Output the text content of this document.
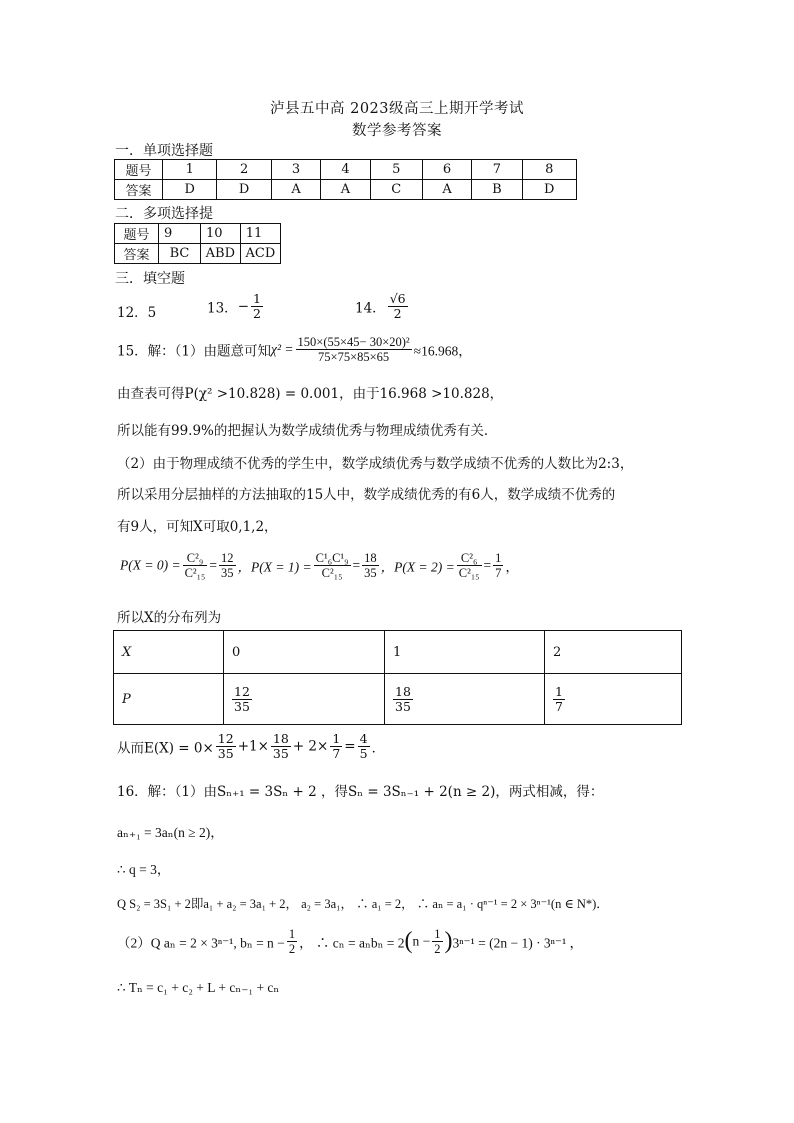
泸县五中高 2023级高三上期开学考试
数学参考答案
一．单项选择题
题号	1	2	3	4	5	6	7	8
答案	D	D	A	A	C	A	B	D
二．多项选择提
题号	9	10	11
答案	BC	ABD	ACD
三．填空题
12．5	13．− $\frac{1}{2}$	14． $\frac{√6}{2}$
15．解：（1）由题意可知$\chi^2 = \frac{\text{150×(55×45− 30×20)²}}{75\times 75\times 85\times 65} \approx 16.968$，
由查表可得P(χ² >10.828) = 0.001，由于16.968 >10.828，
所以能有99.9%的把握认为数学成绩优秀与物理成绩优秀有关．
（2）由于物理成绩不优秀的学生中，数学成绩优秀与数学成绩不优秀的人数比为2:3，
所以采用分层抽样的方法抽取的15人中，数学成绩优秀的有6人，数学成绩不优秀的
有9人，可知X可取0,1,2，
$P(X = 0) = \frac{\text{C²₉}}{\text{C²₁₅}} = \frac{12}{35}$ ，$P(X = 1) = \frac{\text{C¹₆C¹₉}}{\text{C²₁₅}} = \frac{18}{35}$ ，$P(X = 2) = \frac{\text{C²₆}}{\text{C²₁₅}} = \frac{1}{7}$ ，
所以X的分布列为
X	0	1	2
P	$\frac{12}{35}$	$\frac{18}{35}$	$\frac{1}{7}$
从而$E(X) = 0\times \frac{12}{35} +1\times \frac{18}{35} + 2\times \frac{1}{7} = \frac{4}{5}$ ．
16．解：（1）由Sₙ₊₁ = 3Sₙ + 2 ，得Sₙ = 3Sₙ₋₁ + 2(n ≥ 2)，两式相减，得：
aₙ₊₁ = 3aₙ(n ≥ 2)，
∴ q = 3，
Q S₂ = 3S₁ + 2即a₁ + a₂ = 3a₁ + 2， a₂ = 3a₁， ∴ a₁ = 2， ∴ aₙ = a₁ · qⁿ⁻¹ = 2 × 3ⁿ⁻¹(n ∈ N*)．
（2）Q aₙ = 2 × 3ⁿ⁻¹, $b_n = n - \frac{1}{2}$ ， ∴ $c_n = a_nb_n = 2(n - \frac{1}{2} )3^{n-1} = (2n - 1) \cdot 3^{n-1}$ ，
∴ Tₙ = c₁ + c₂ + L + cₙ₋₁ + cₙ
